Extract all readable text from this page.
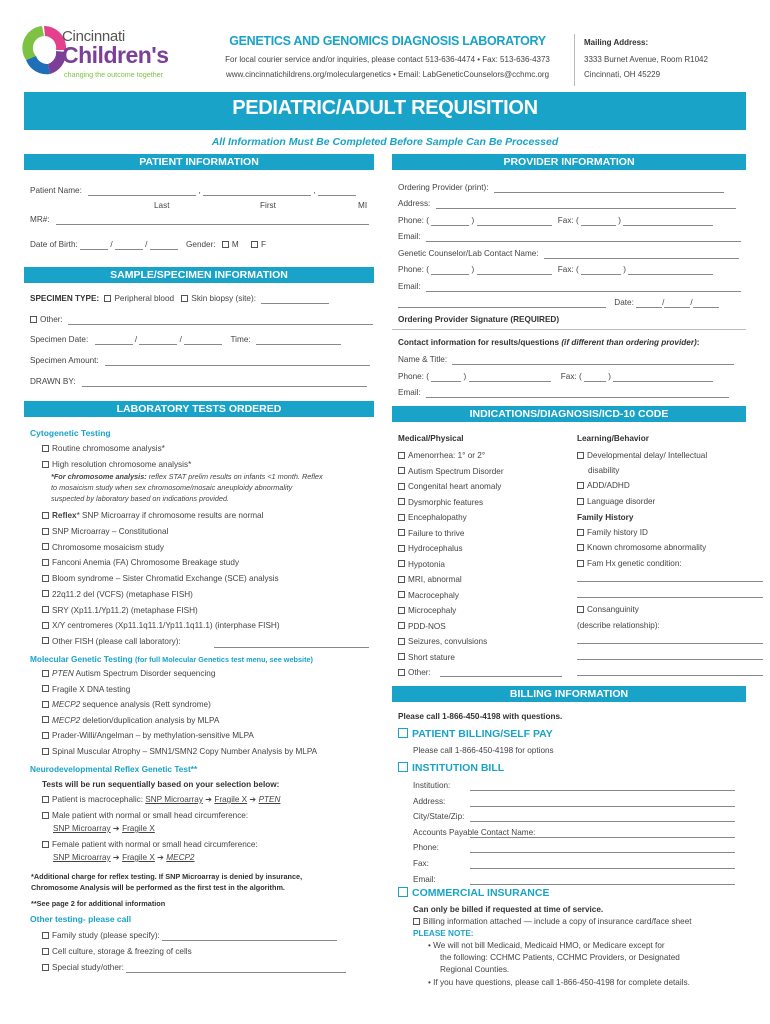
Cincinnati
Children's
changing the outcome together
GENETICS AND GENOMICS DIAGNOSIS LABORATORY
For local courier service and/or inquiries, please contact 513-636-4474 • Fax: 513-636-4373
www.cincinnatichildrens.org/moleculargenetics • Email: LabGeneticCounselors@cchmc.org
Mailing Address:
3333 Burnet Avenue, Room R1042
Cincinnati, OH 45229
PEDIATRIC/ADULT REQUISITION
All Information Must Be Completed Before Sample Can Be Processed
PATIENT INFORMATION
Patient Name:	,	,
Last	First	MI
MR#:
Date of Birth:	/	/	Gender: M	F
SAMPLE/SPECIMEN INFORMATION
SPECIMEN TYPE: Peripheral blood Skin biopsy (site):
Other:
Specimen Date:	/	/	Time:
Specimen Amount:
DRAWN BY:
LABORATORY TESTS ORDERED
Cytogenetic Testing
Routine chromosome analysis*
High resolution chromosome analysis*
*For chromosome analysis: reflex STAT prelim results on infants <1 month. Reflex
to mosaicism study when sex chromosome/mosaic aneuploidy abnormality
suspected by laboratory based on indications provided.
Reflex* SNP Microarray if chromosome results are normal
SNP Microarray – Constitutional
Chromosome mosaicism study
Fanconi Anemia (FA) Chromosome Breakage study
Bloom syndrome – Sister Chromatid Exchange (SCE) analysis
22q11.2 del (VCFS) (metaphase FISH)
SRY (Xp11.1/Yp11.2) (metaphase FISH)
X/Y centromeres (Xp11.1q11.1/Yp11.1q11.1) (interphase FISH)
Other FISH (please call laboratory):
Molecular Genetic Testing (for full Molecular Genetics test menu, see website)
PTEN Autism Spectrum Disorder sequencing
Fragile X DNA testing
MECP2 sequence analysis (Rett syndrome)
MECP2 deletion/duplication analysis by MLPA
Prader-Willi/Angelman – by methylation-sensitive MLPA
Spinal Muscular Atrophy – SMN1/SMN2 Copy Number Analysis by MLPA
Neurodevelopmental Reflex Genetic Test**
Tests will be run sequentially based on your selection below:
Patient is macrocephalic: SNP Microarray ➔ Fragile X ➔ PTEN
Male patient with normal or small head circumference:
SNP Microarray ➔ Fragile X
Female patient with normal or small head circumference:
SNP Microarray ➔ Fragile X ➔ MECP2
*Additional charge for reflex testing. If SNP Microarray is denied by insurance,
Chromosome Analysis will be performed as the first test in the algorithm.
**See page 2 for additional information
Other testing- please call
Family study (please specify):
Cell culture, storage & freezing of cells
Special study/other:
PROVIDER INFORMATION
Ordering Provider (print):
Address:
Phone: (	)	Fax: (	)
Email:
Genetic Counselor/Lab Contact Name:
Phone: (	)	Fax: (	)
Email:
Date:	/	/
Ordering Provider Signature (REQUIRED)
Contact information for results/questions (if different than ordering provider):
Name & Title:
Phone: (	)	Fax: (	)
Email:
INDICATIONS/DIAGNOSIS/ICD-10 CODE
Medical/Physical
Amenorrhea: 1° or 2°
Autism Spectrum Disorder
Congenital heart anomaly
Dysmorphic features
Encephalopathy
Failure to thrive
Hydrocephalus
Hypotonia
MRI, abnormal
Macrocephaly
Microcephaly
PDD-NOS
Seizures, convulsions
Short stature
Other:
Learning/Behavior
Developmental delay/ Intellectual
disability
ADD/ADHD
Language disorder
Family History
Family history ID
Known chromosome abnormality
Fam Hx genetic condition:
Consanguinity
(describe relationship):
BILLING INFORMATION
Please call 1-866-450-4198 with questions.
PATIENT BILLING/SELF PAY
Please call 1-866-450-4198 for options
INSTITUTION BILL
Institution:
Address:
City/State/Zip:
Accounts Payable Contact Name:
Phone:
Fax:
Email:
COMMERCIAL INSURANCE
Can only be billed if requested at time of service.
Billing information attached — include a copy of insurance card/face sheet
PLEASE NOTE:
• We will not bill Medicaid, Medicaid HMO, or Medicare except for
the following: CCHMC Patients, CCHMC Providers, or Designated
Regional Counties.
• If you have questions, please call 1-866-450-4198 for complete details.
